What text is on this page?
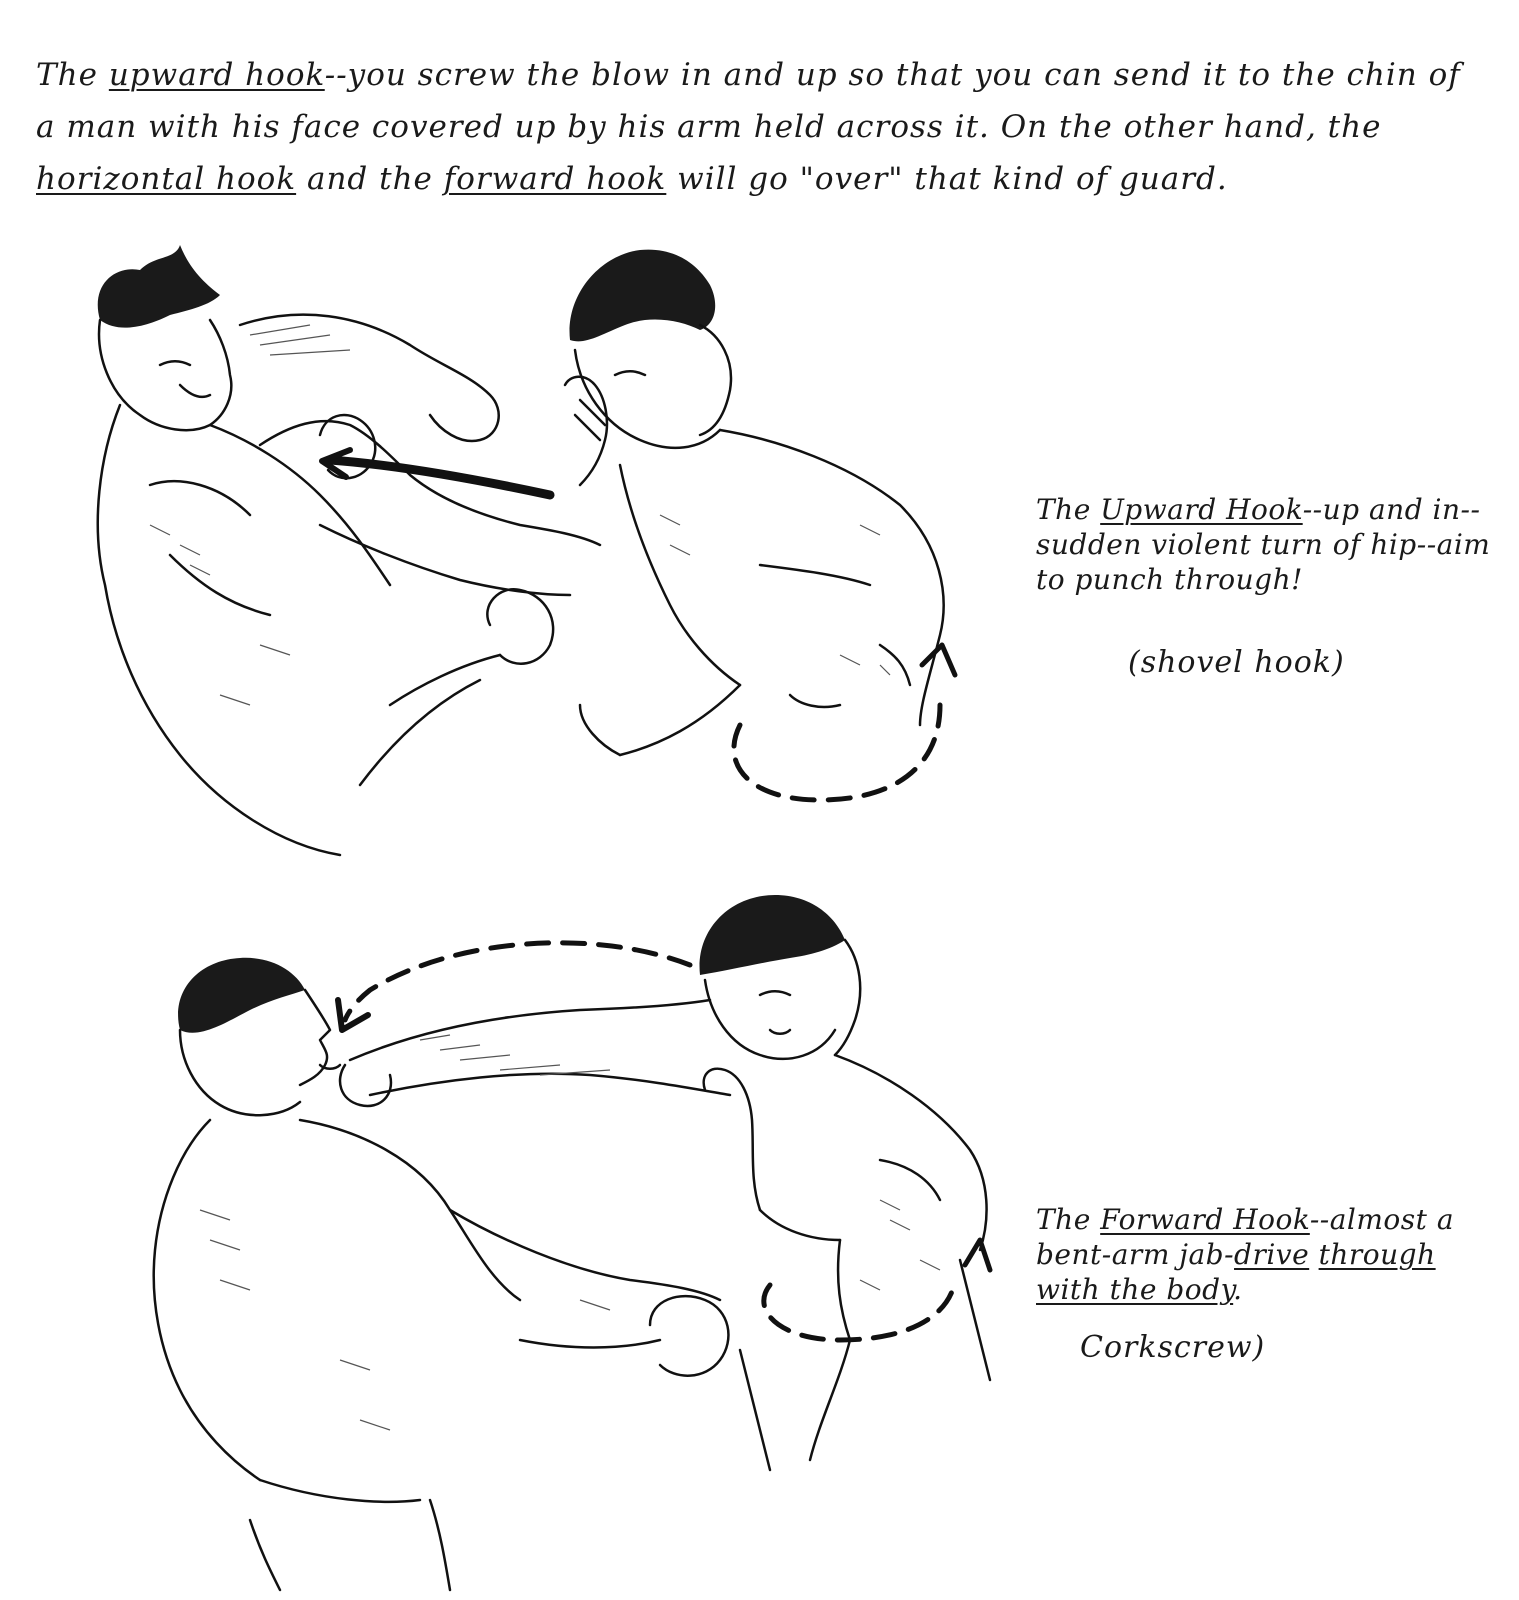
The upward hook--you screw the blow in and up so that you can send it to the chin of a man with his face covered up by his arm held across it. On the other hand, the horizontal hook and the forward hook will go "over" that kind of guard.

The Upward Hook--up and in--sudden violent turn of hip--aim to punch through!
(shovel hook)
The Forward Hook--almost a bent-arm jab-drive through with the body.
Corkscrew)
